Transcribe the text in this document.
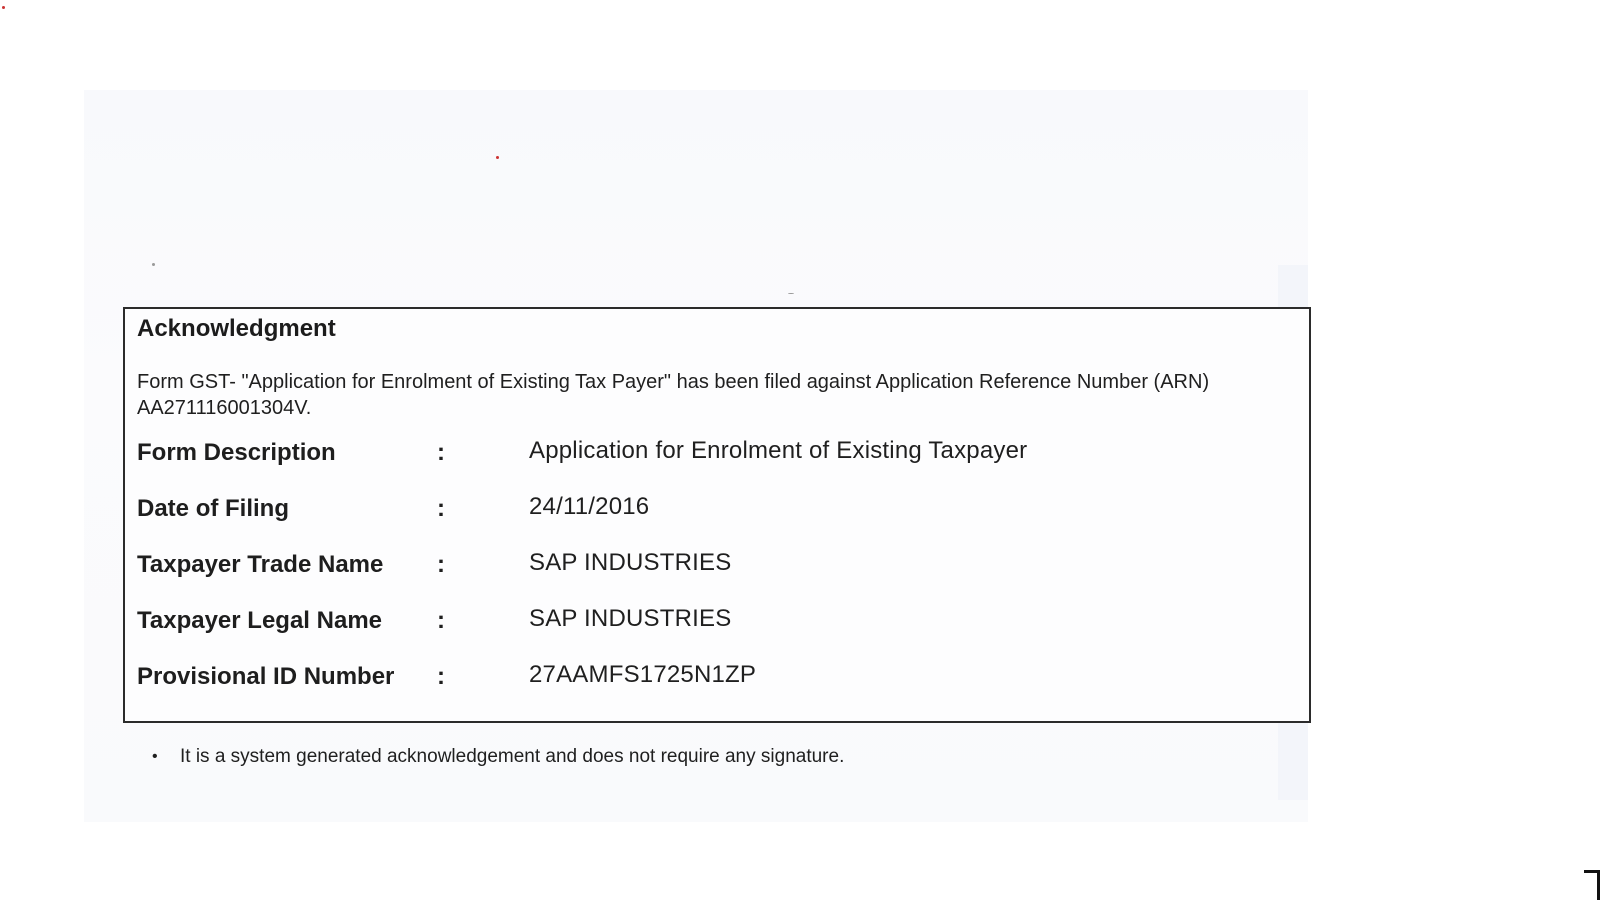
Acknowledgment
Form GST- "Application for Enrolment of Existing Tax Payer" has been filed against Application Reference Number (ARN)
AA271116001304V.
Form Description	:	Application for Enrolment of Existing Taxpayer
Date of Filing	:	24/11/2016
Taxpayer Trade Name :	SAP INDUSTRIES
Taxpayer Legal Name :	SAP INDUSTRIES
Provisional ID Number :	27AAMFS1725N1ZP
• It is a system generated acknowledgement and does not require any signature.
